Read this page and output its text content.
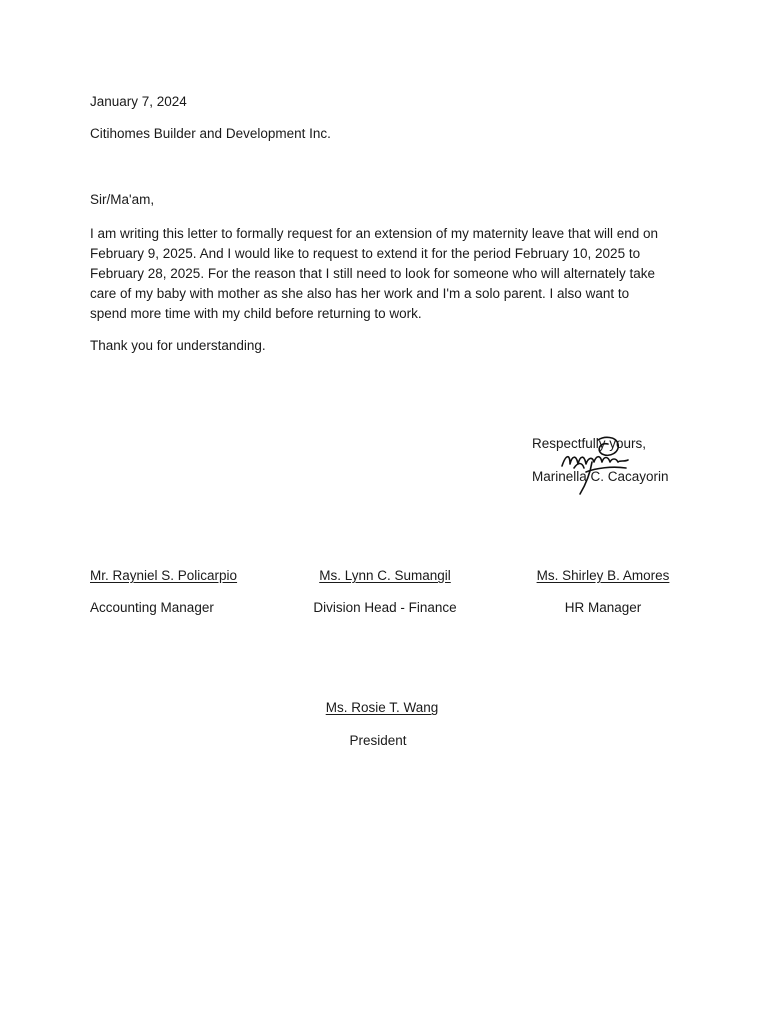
January 7, 2024
Citihomes Builder and Development Inc.
Sir/Ma'am,
I am writing this letter to formally request for an extension of my maternity leave that will end on
February 9, 2025. And I would like to request to extend it for the period February 10, 2025 to
February 28, 2025. For the reason that I still need to look for someone who will alternately take
care of my baby with mother as she also has her work and I'm a solo parent. I also want to
spend more time with my child before returning to work.
Thank you for understanding.
Respectfully yours,
Marinella C. Cacayorin
Mr. Rayniel S. Policarpio
Accounting Manager
Ms. Lynn C. Sumangil
Division Head - Finance
Ms. Shirley B. Amores
HR Manager
Ms. Rosie T. Wang
President
